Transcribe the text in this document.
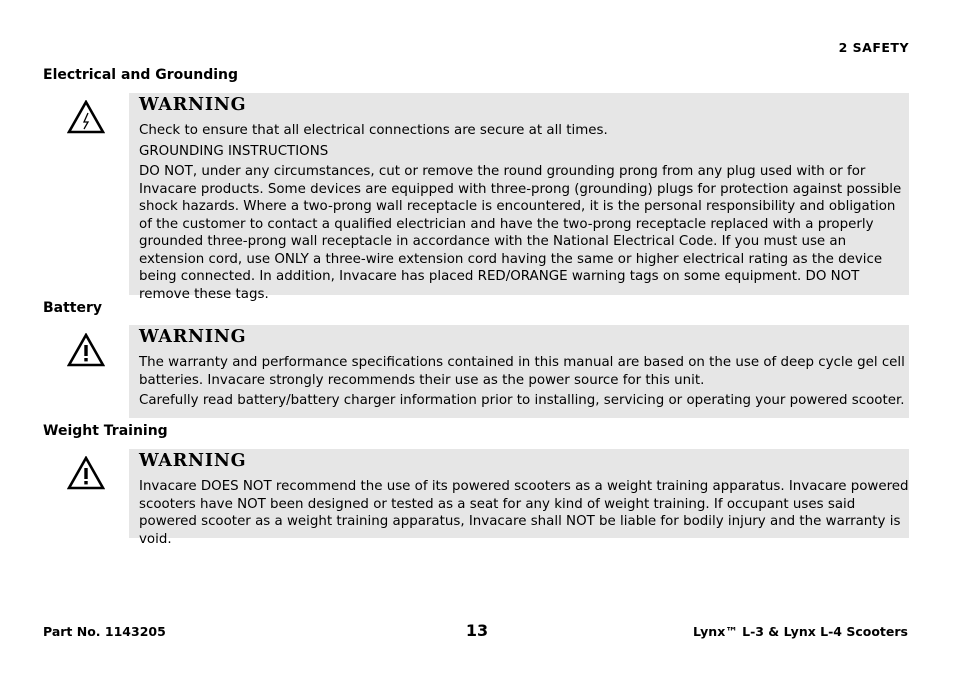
2 SAFETY
Electrical and Grounding
WARNING

Check to ensure that all electrical connections are secure at all times.

GROUNDING INSTRUCTIONS

DO NOT, under any circumstances, cut or remove the round grounding prong from any plug used with or for Invacare products. Some devices are equipped with three-prong (grounding) plugs for protection against possible shock hazards. Where a two-prong wall receptacle is encountered, it is the personal responsibility and obligation of the customer to contact a qualified electrician and have the two-prong receptacle replaced with a properly grounded three-prong wall receptacle in accordance with the National Electrical Code. If you must use an extension cord, use ONLY a three-wire extension cord having the same or higher electrical rating as the device being connected. In addition, Invacare has placed RED/ORANGE warning tags on some equipment. DO NOT remove these tags.

Battery
WARNING

The warranty and performance specifications contained in this manual are based on the use of deep cycle gel cell batteries. Invacare strongly recommends their use as the power source for this unit.

Carefully read battery/battery charger information prior to installing, servicing or operating your powered scooter.

Weight Training
WARNING

Invacare DOES NOT recommend the use of its powered scooters as a weight training apparatus. Invacare powered scooters have NOT been designed or tested as a seat for any kind of weight training. If occupant uses said powered scooter as a weight training apparatus, Invacare shall NOT be liable for bodily injury and the warranty is void.

Part No. 1143205	13	Lynx™ L-3 & Lynx L-4 Scooters
